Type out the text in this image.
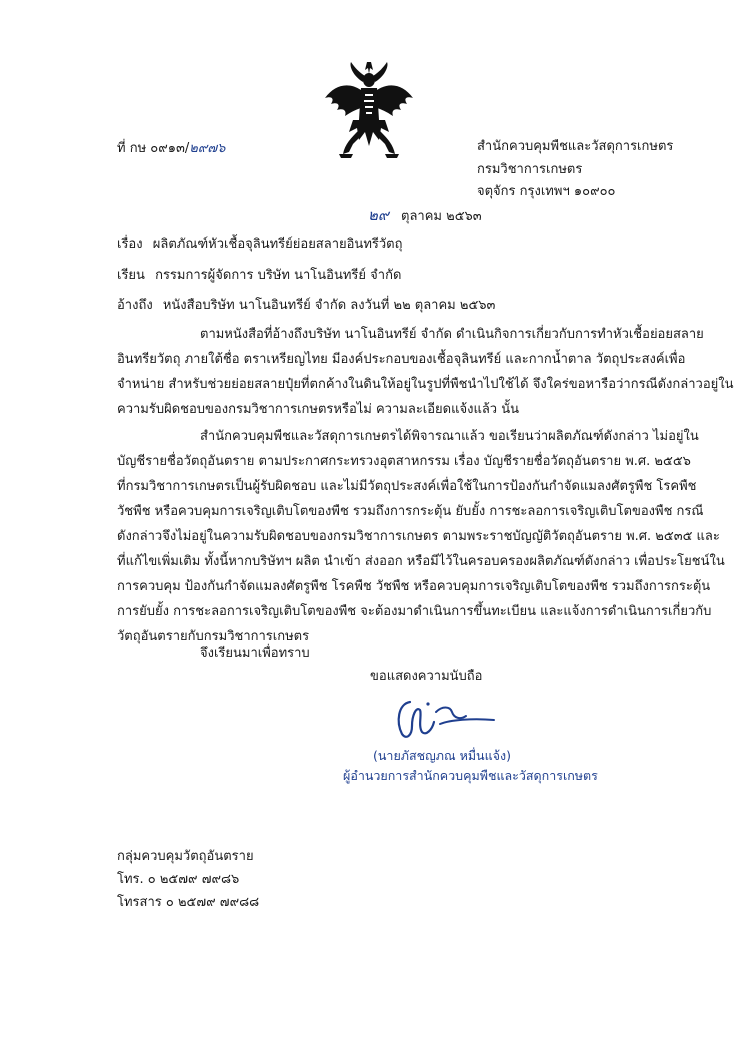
ที่ กษ ๐๙๑๓/๒๙๗๖	สำนักควบคุมพืชและวัสดุการเกษตร
กรมวิชาการเกษตร
จตุจักร กรุงเทพฯ ๑๐๙๐๐
๒๙ ตุลาคม ๒๕๖๓
เรื่อง ผลิตภัณฑ์หัวเชื้อจุลินทรีย์ย่อยสลายอินทรีวัตถุ
เรียน กรรมการผู้จัดการ บริษัท นาโนอินทรีย์ จำกัด
อ้างถึง หนังสือบริษัท นาโนอินทรีย์ จำกัด ลงวันที่ ๒๒ ตุลาคม ๒๕๖๓
ตามหนังสือที่อ้างถึงบริษัท นาโนอินทรีย์ จำกัด ดำเนินกิจการเกี่ยวกับการทำหัวเชื้อย่อยสลาย
อินทรียวัตถุ ภายใต้ชื่อ ตราเหรียญไทย มีองค์ประกอบของเชื้อจุลินทรีย์ และกากน้ำตาล วัตถุประสงค์เพื่อ
จำหน่าย สำหรับช่วยย่อยสลายปุ๋ยที่ตกค้างในดินให้อยู่ในรูปที่พืชนำไปใช้ได้ จึงใคร่ขอหารือว่ากรณีดังกล่าวอยู่ใน
ความรับผิดชอบของกรมวิชาการเกษตรหรือไม่ ความละเอียดแจ้งแล้ว นั้น
สำนักควบคุมพืชและวัสดุการเกษตรได้พิจารณาแล้ว ขอเรียนว่าผลิตภัณฑ์ดังกล่าว ไม่อยู่ใน
บัญชีรายชื่อวัตถุอันตราย ตามประกาศกระทรวงอุตสาหกรรม เรื่อง บัญชีรายชื่อวัตถุอันตราย พ.ศ. ๒๕๕๖
ที่กรมวิชาการเกษตรเป็นผู้รับผิดชอบ และไม่มีวัตถุประสงค์เพื่อใช้ในการป้องกันกำจัดแมลงศัตรูพืช โรคพืช
วัชพืช หรือควบคุมการเจริญเติบโตของพืช รวมถึงการกระตุ้น ยับยั้ง การชะลอการเจริญเติบโตของพืช กรณี
ดังกล่าวจึงไม่อยู่ในความรับผิดชอบของกรมวิชาการเกษตร ตามพระราชบัญญัติวัตถุอันตราย พ.ศ. ๒๕๓๕ และ
ที่แก้ไขเพิ่มเติม ทั้งนี้หากบริษัทฯ ผลิต นำเข้า ส่งออก หรือมีไว้ในครอบครองผลิตภัณฑ์ดังกล่าว เพื่อประโยชน์ใน
การควบคุม ป้องกันกำจัดแมลงศัตรูพืช โรคพืช วัชพืช หรือควบคุมการเจริญเติบโตของพืช รวมถึงการกระตุ้น
การยับยั้ง การชะลอการเจริญเติบโตของพืช จะต้องมาดำเนินการขึ้นทะเบียน และแจ้งการดำเนินการเกี่ยวกับ
วัตถุอันตรายกับกรมวิชาการเกษตร
จึงเรียนมาเพื่อทราบ
ขอแสดงความนับถือ
(นายภัสชญภณ หมื่นแจ้ง)
ผู้อำนวยการสำนักควบคุมพืชและวัสดุการเกษตร
กลุ่มควบคุมวัตถุอันตราย
โทร. ๐ ๒๕๗๙ ๗๙๘๖
โทรสาร ๐ ๒๕๗๙ ๗๙๘๘
